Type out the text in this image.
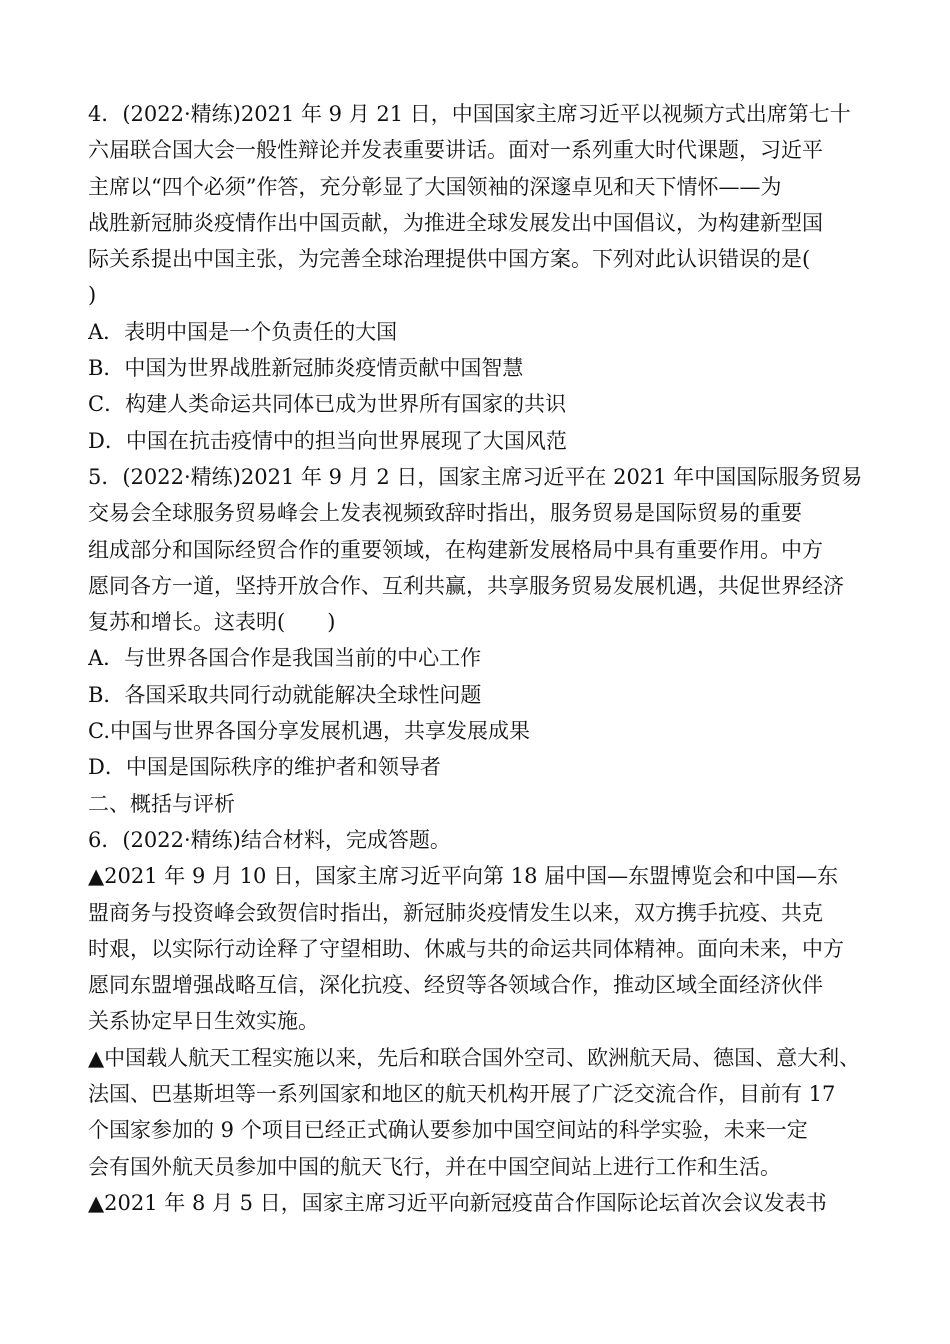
4．(2022·精练)2021 年 9 月 21 日，中国国家主席习近平以视频方式出席第七十
六届联合国大会一般性辩论并发表重要讲话。面对一系列重大时代课题，习近平
主席以“四个必须”作答，充分彰显了大国领袖的深邃卓见和天下情怀——为
战胜新冠肺炎疫情作出中国贡献，为推进全球发展发出中国倡议，为构建新型国
际关系提出中国主张，为完善全球治理提供中国方案。下列对此认识错误的是(
)
A．表明中国是一个负责任的大国
B．中国为世界战胜新冠肺炎疫情贡献中国智慧
C．构建人类命运共同体已成为世界所有国家的共识
D．中国在抗击疫情中的担当向世界展现了大国风范
5．(2022·精练)2021 年 9 月 2 日，国家主席习近平在 2021 年中国国际服务贸易
交易会全球服务贸易峰会上发表视频致辞时指出，服务贸易是国际贸易的重要
组成部分和国际经贸合作的重要领域，在构建新发展格局中具有重要作用。中方
愿同各方一道，坚持开放合作、互利共赢，共享服务贸易发展机遇，共促世界经济
复苏和增长。这表明(　　)
A．与世界各国合作是我国当前的中心工作
B．各国采取共同行动就能解决全球性问题
C.中国与世界各国分享发展机遇，共享发展成果
D．中国是国际秩序的维护者和领导者
二、概括与评析
6．(2022·精练)结合材料，完成答题。
▲2021 年 9 月 10 日，国家主席习近平向第 18 届中国—东盟博览会和中国—东
盟商务与投资峰会致贺信时指出，新冠肺炎疫情发生以来，双方携手抗疫、共克
时艰，以实际行动诠释了守望相助、休戚与共的命运共同体精神。面向未来，中方
愿同东盟增强战略互信，深化抗疫、经贸等各领域合作，推动区域全面经济伙伴
关系协定早日生效实施。
▲中国载人航天工程实施以来，先后和联合国外空司、欧洲航天局、德国、意大利、
法国、巴基斯坦等一系列国家和地区的航天机构开展了广泛交流合作，目前有 17
个国家参加的 9 个项目已经正式确认要参加中国空间站的科学实验，未来一定
会有国外航天员参加中国的航天飞行，并在中国空间站上进行工作和生活。
▲2021 年 8 月 5 日，国家主席习近平向新冠疫苗合作国际论坛首次会议发表书
